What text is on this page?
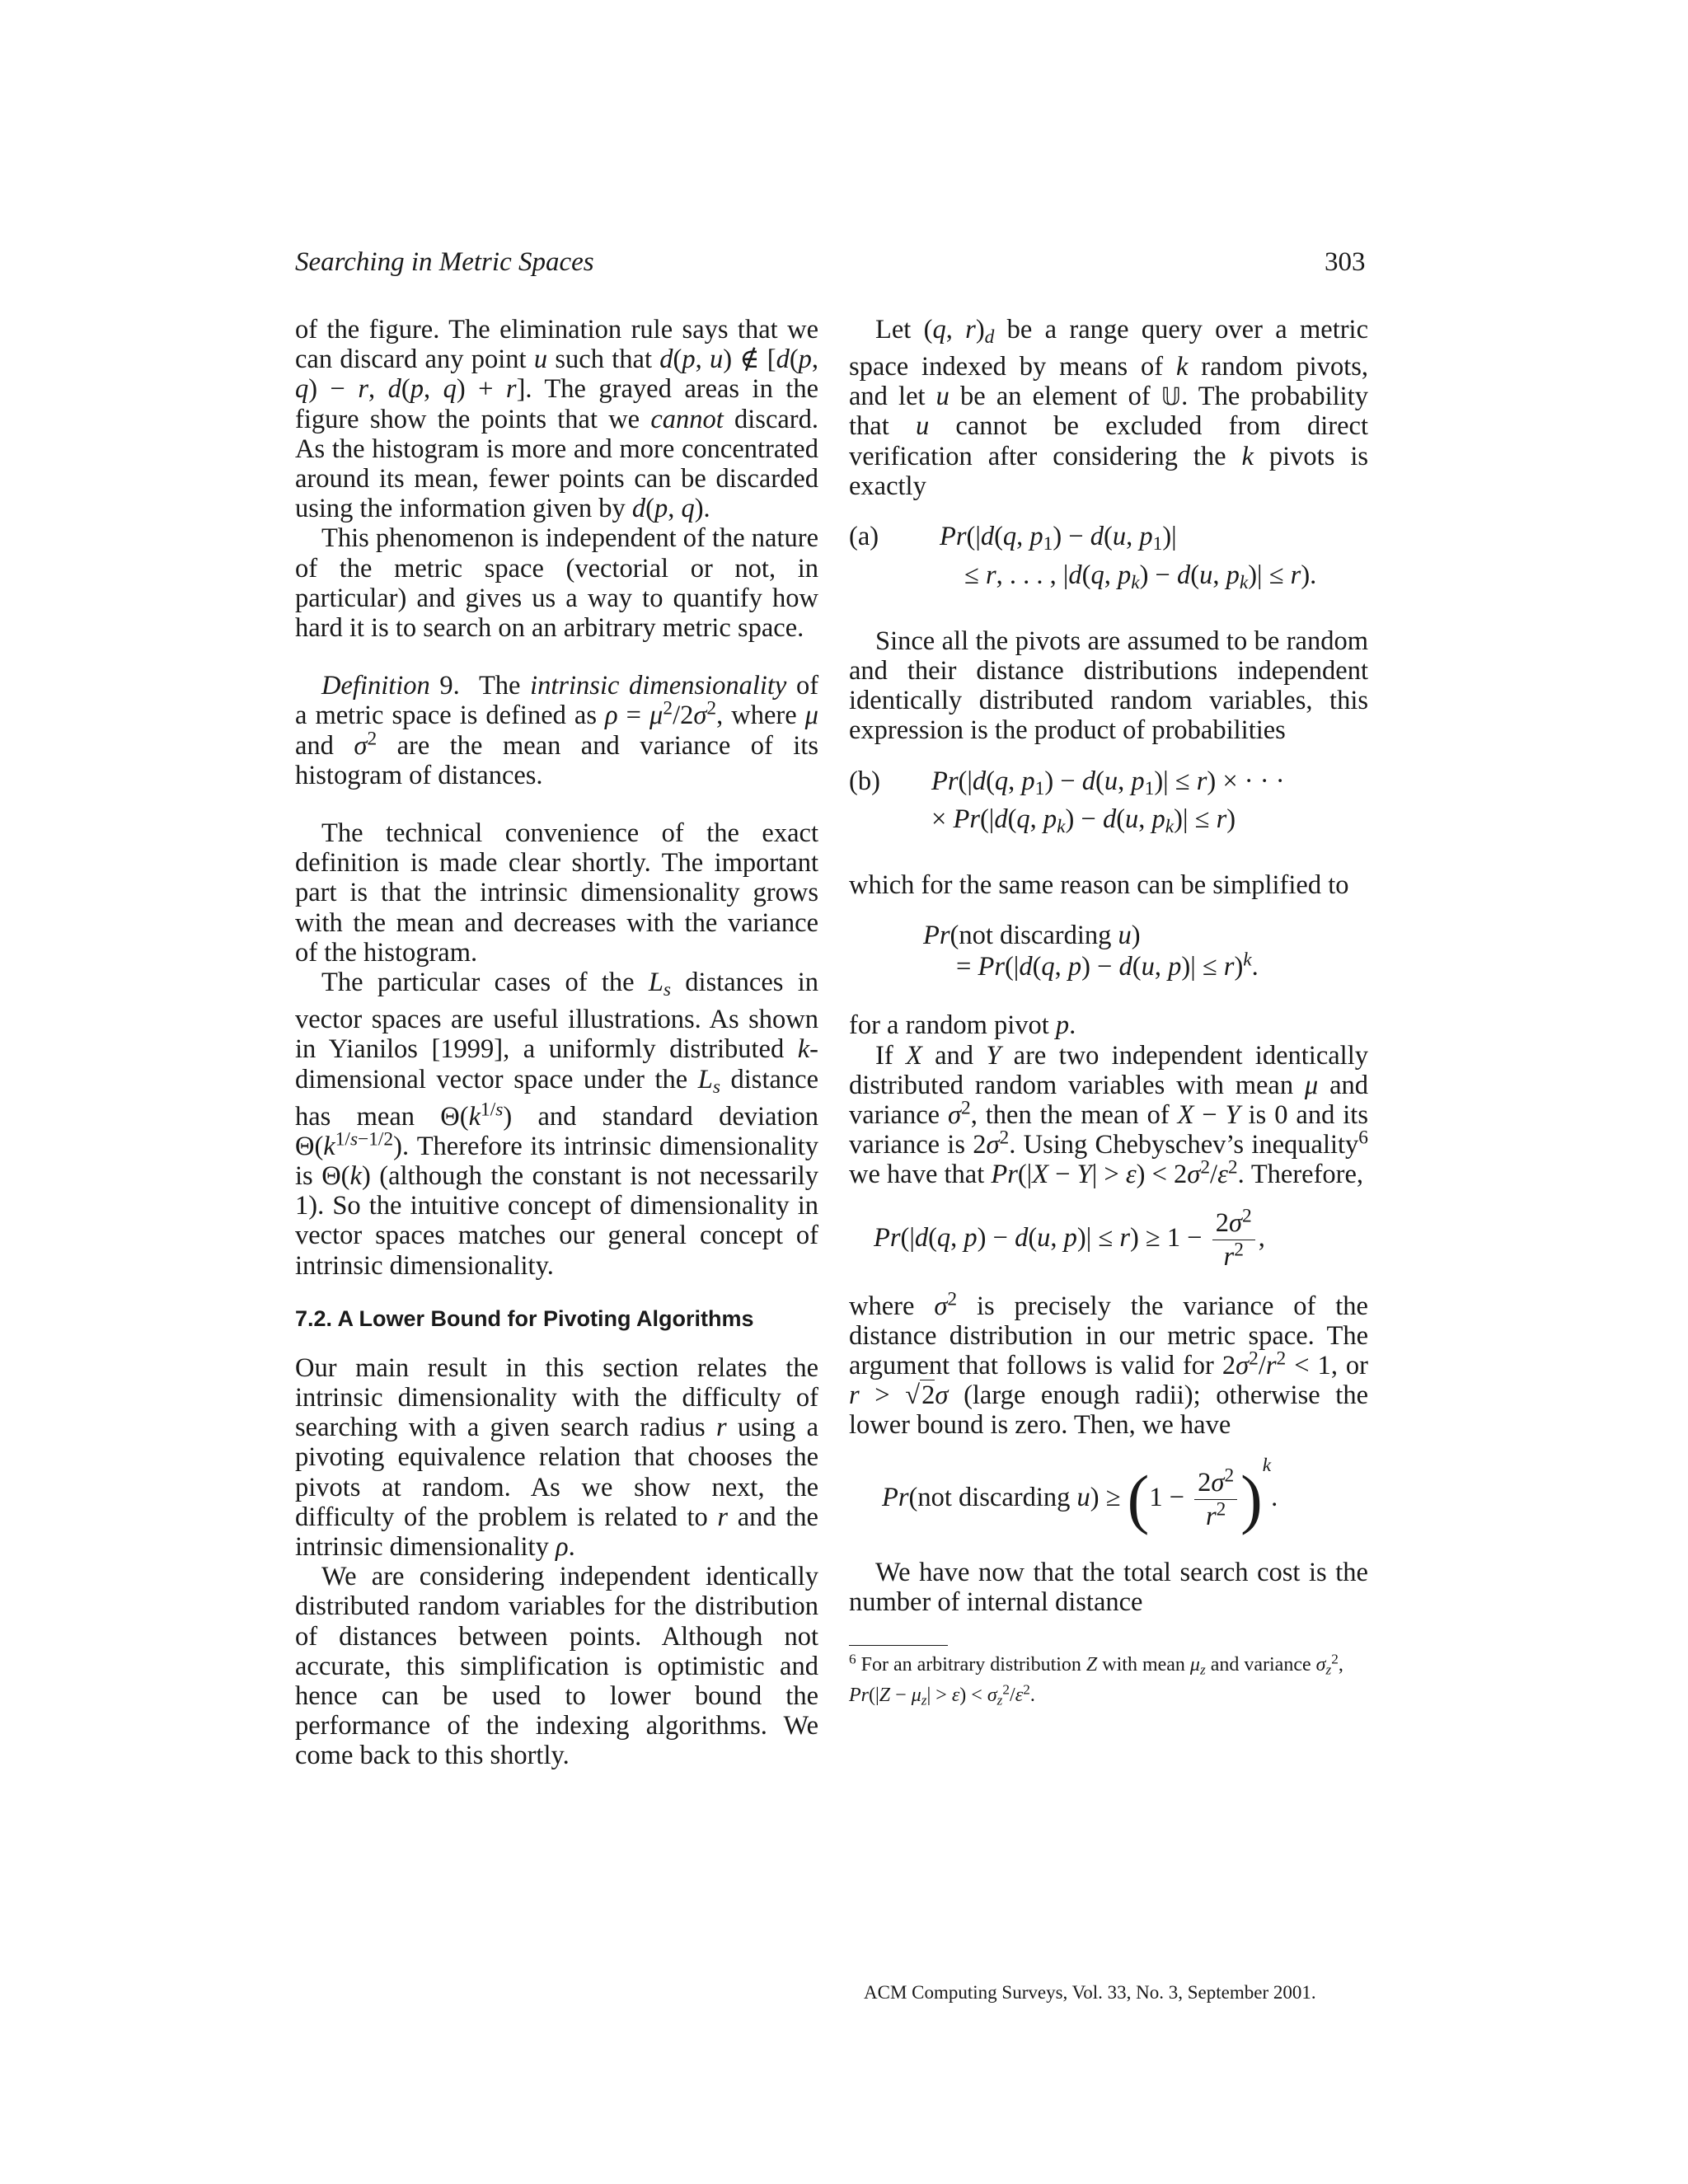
Searching in Metric Spaces	303

of the figure. The elimination rule says that we can discard any point u such that d(p, u) ∉ [d(p, q) − r, d(p, q) + r]. The grayed areas in the figure show the points that we cannot discard. As the histogram is more and more concentrated around its mean, fewer points can be discarded using the information given by d(p, q).

This phenomenon is independent of the nature of the metric space (vectorial or not, in particular) and gives us a way to quantify how hard it is to search on an arbitrary metric space.

Definition 9. The intrinsic dimensionality of a metric space is defined as $\rho = \mu^2/2\sigma^2$, where μ and $\sigma^2$ are the mean and variance of its histogram of distances.

The technical convenience of the exact definition is made clear shortly. The important part is that the intrinsic dimensionality grows with the mean and decreases with the variance of the histogram.

The particular cases of the $L_s$ distances in vector spaces are useful illustrations. As shown in Yianilos [1999], a uniformly distributed k-dimensional vector space under the $L_s$ distance has mean $\Theta(k^{1/s})$ and standard deviation $\Theta(k^{1/s-1/2})$. Therefore its intrinsic dimensionality is Θ(k) (although the constant is not necessarily 1). So the intuitive concept of dimensionality in vector spaces matches our general concept of intrinsic dimensionality.

7.2. A Lower Bound for Pivoting Algorithms

Our main result in this section relates the intrinsic dimensionality with the difficulty of searching with a given search radius r using a pivoting equivalence relation that chooses the pivots at random. As we show next, the difficulty of the problem is related to r and the intrinsic dimensionality ρ.

We are considering independent identically distributed random variables for the distribution of distances between points. Although not accurate, this simplification is optimistic and hence can be used to lower bound the performance of the indexing algorithms. We come back to this shortly.

Let (q, $r)_d$ be a range query over a metric space indexed by means of k random pivots, and let u be an element of 𝕌. The probability that u cannot be excluded from direct verification after considering the k pivots is exactly

(a) Pr(|d(q, $p_1) - d(u$, $p_1)|$
≤ r, . . . , |d(q, $p_k) - d(u$, $p_k)| \le r$).

Since all the pivots are assumed to be random and their distance distributions independent identically distributed random variables, this expression is the product of probabilities

(b) Pr(|d(q, $p_1) - d(u$, $p_1)| \le r$) × · · ·
× Pr(|d(q, $p_k) - d(u$, $p_k)| \le r$)

which for the same reason can be simplified to

Pr(not discarding u)
= Pr(|d(q, p) − d(u, p)| ≤ r)$^k$.

for a random pivot p.

If X and Y are two independent identically distributed random variables with mean μ and variance $\sigma^2$, then the mean of X − Y is 0 and its variance is $2\sigma^2$. Using Chebyschev’s inequality$^6$ we have that $Pr(|X - Y| > \varepsilon) < 2\sigma^2/\varepsilon^2$. Therefore,

Pr(|d(q, p) − d(u, $p)| \le r) \ge 1 - \frac{2\sigma^2}{r^2}$ ,

where $\sigma^2$ is precisely the variance of the distance distribution in our metric space. The argument that follows is valid for $2\sigma^2/r^2 < 1$, or r > √2σ (large enough radii); otherwise the lower bound is zero. Then, we have

Pr(not discarding $u) \ge (1 - \frac{2\sigma^2}{r^2} )^k$.

We have now that the total search cost is the number of internal distance

$^6$ For an arbitrary distribution Z with mean $\mu_z$ and variance $\sigma_z^2$, $Pr(|Z - \mu_z| > \varepsilon) < \sigma_z^2/\varepsilon^2$.
ACM Computing Surveys, Vol. 33, No. 3, September 2001.
